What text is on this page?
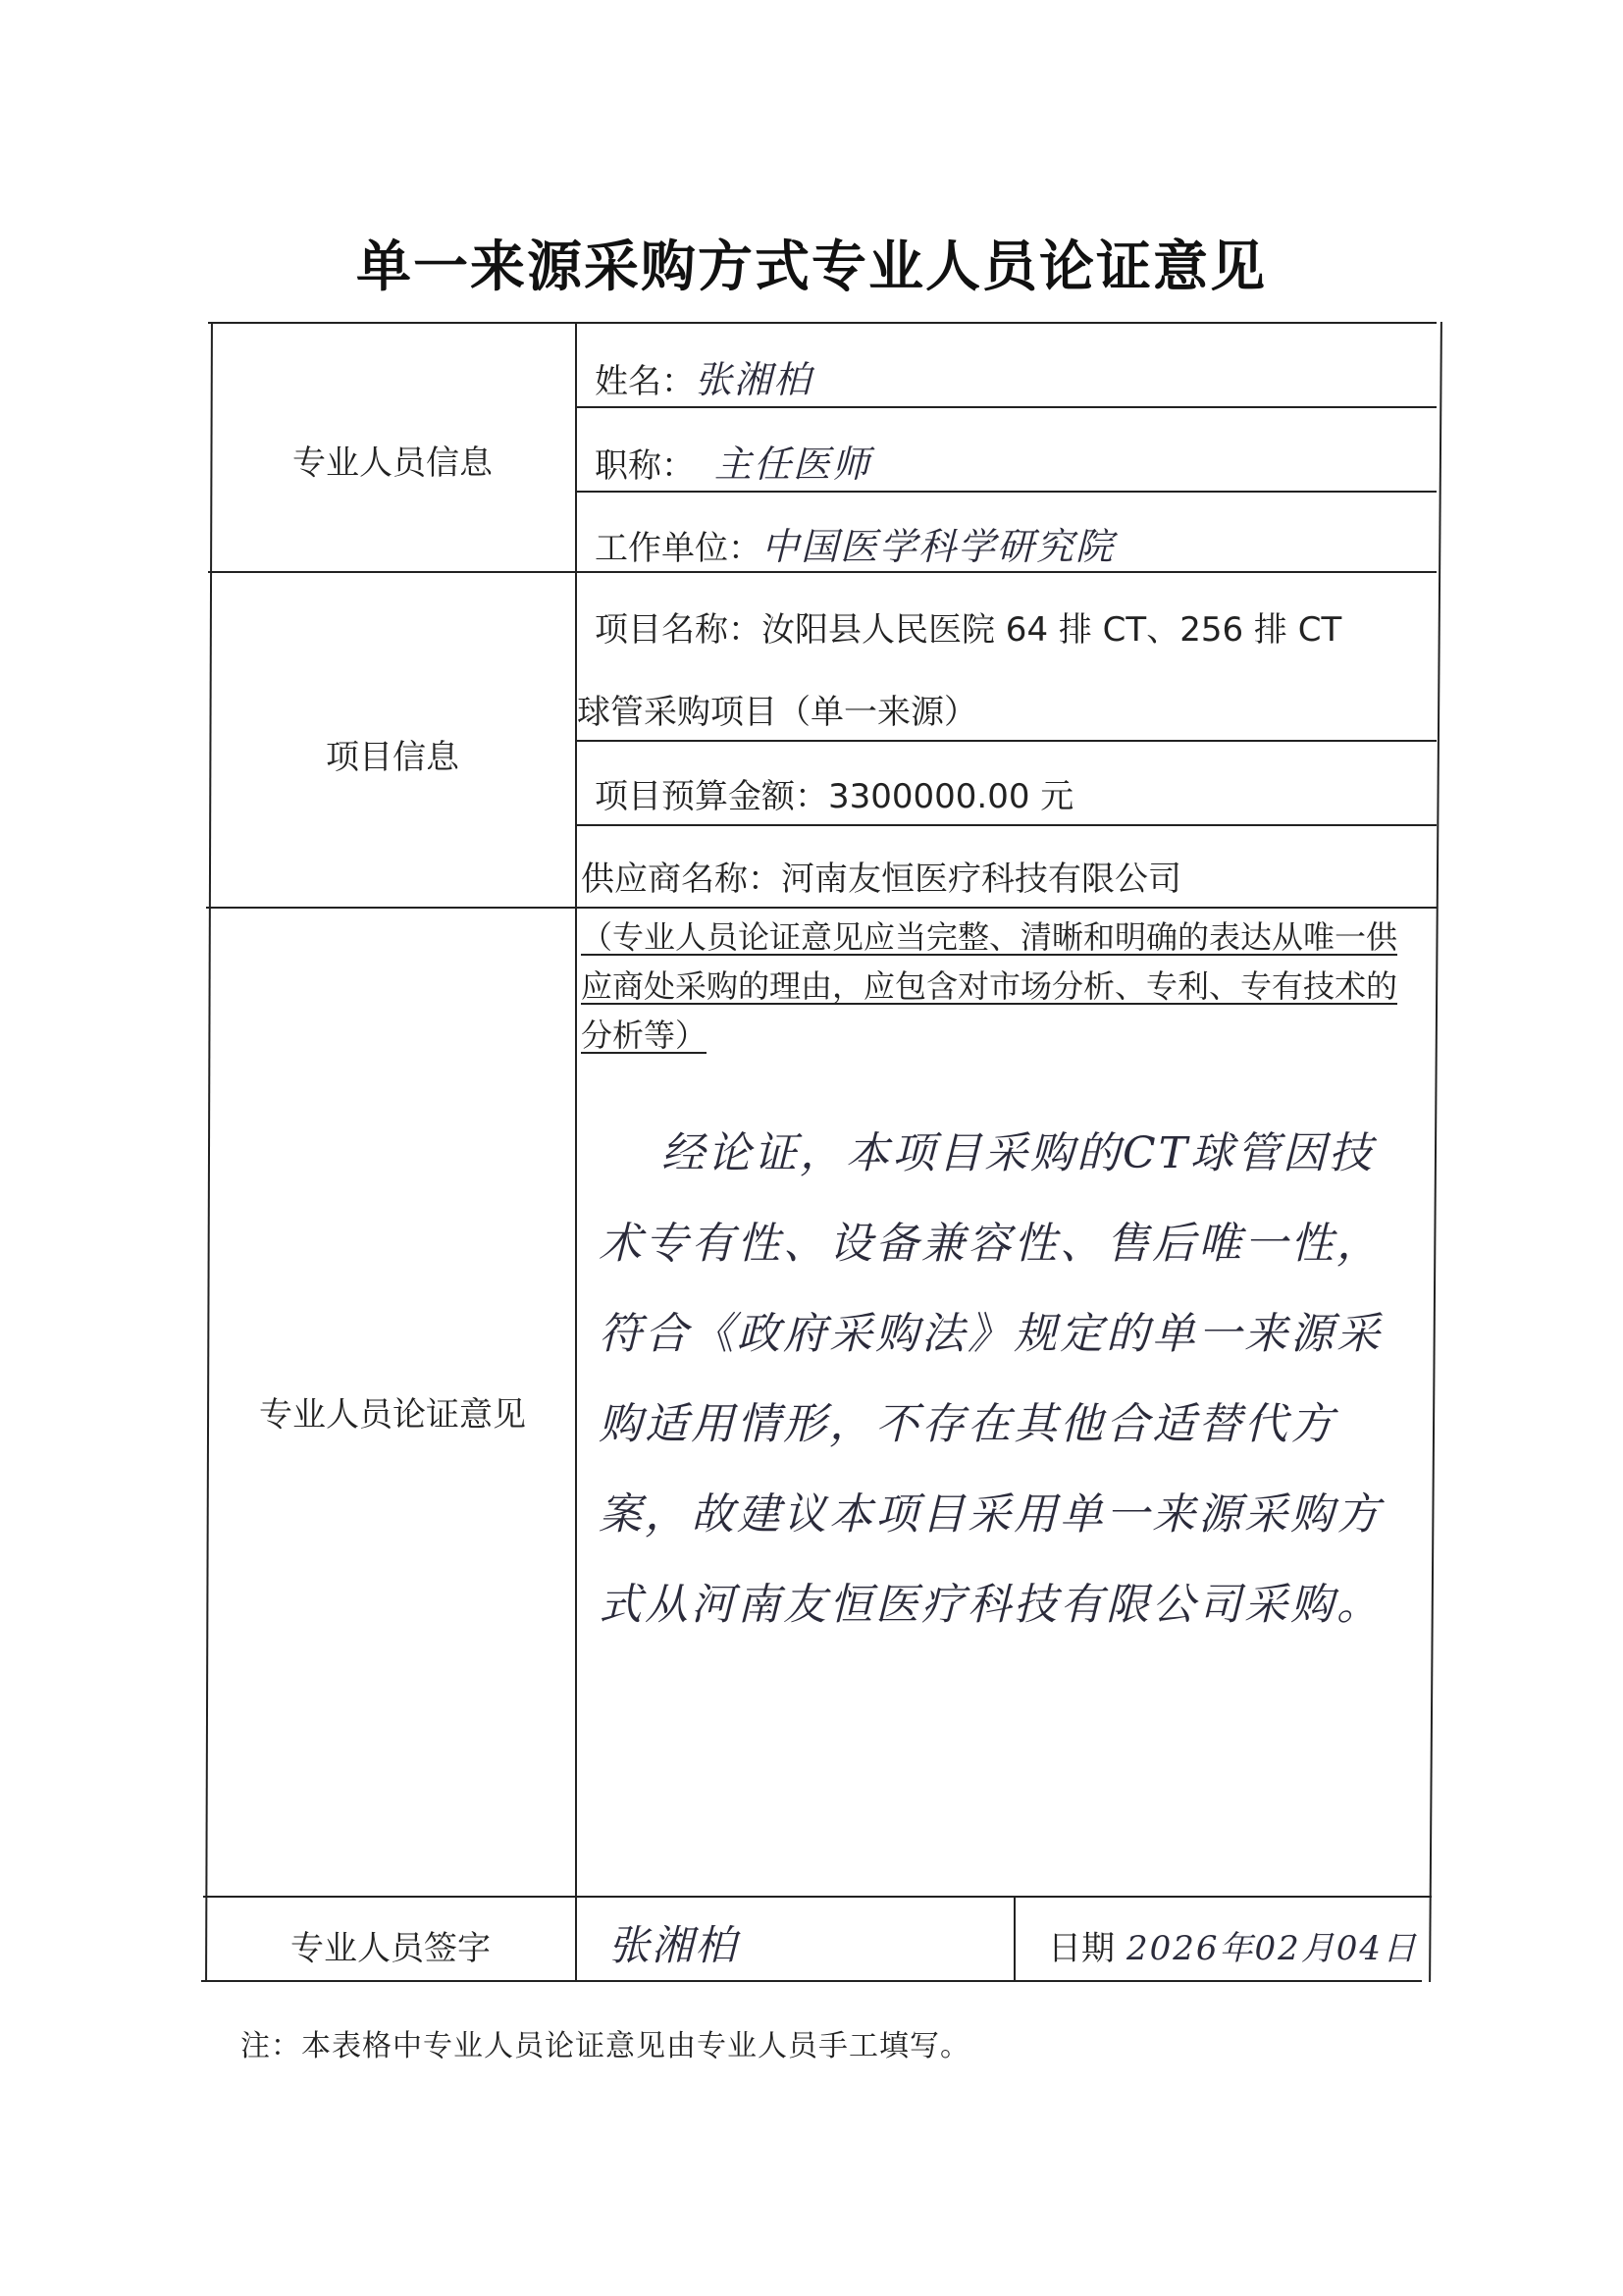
单一来源采购方式专业人员论证意见
专业人员信息
姓名：张湘柏
职称： 主任医师
工作单位：中国医学科学研究院
项目信息
项目名称：汝阳县人民医院 64 排 CT、256 排 CT
球管采购项目（单一来源）
项目预算金额：3300000.00 元
供应商名称：河南友恒医疗科技有限公司
专业人员论证意见
（专业人员论证意见应当完整、清晰和明确的表达从唯一供应商处采购的理由，应包含对市场分析、专利、专有技术的分析等）
经论证，本项目采购的CT球管因技术专有性、设备兼容性、售后唯一性，符合《政府采购法》规定的单一来源采购适用情形，不存在其他合适替代方案，故建议本项目采用单一来源采购方式从河南友恒医疗科技有限公司采购。
专业人员签字	张湘柏	日期 2026年02月04日
注：本表格中专业人员论证意见由专业人员手工填写。
